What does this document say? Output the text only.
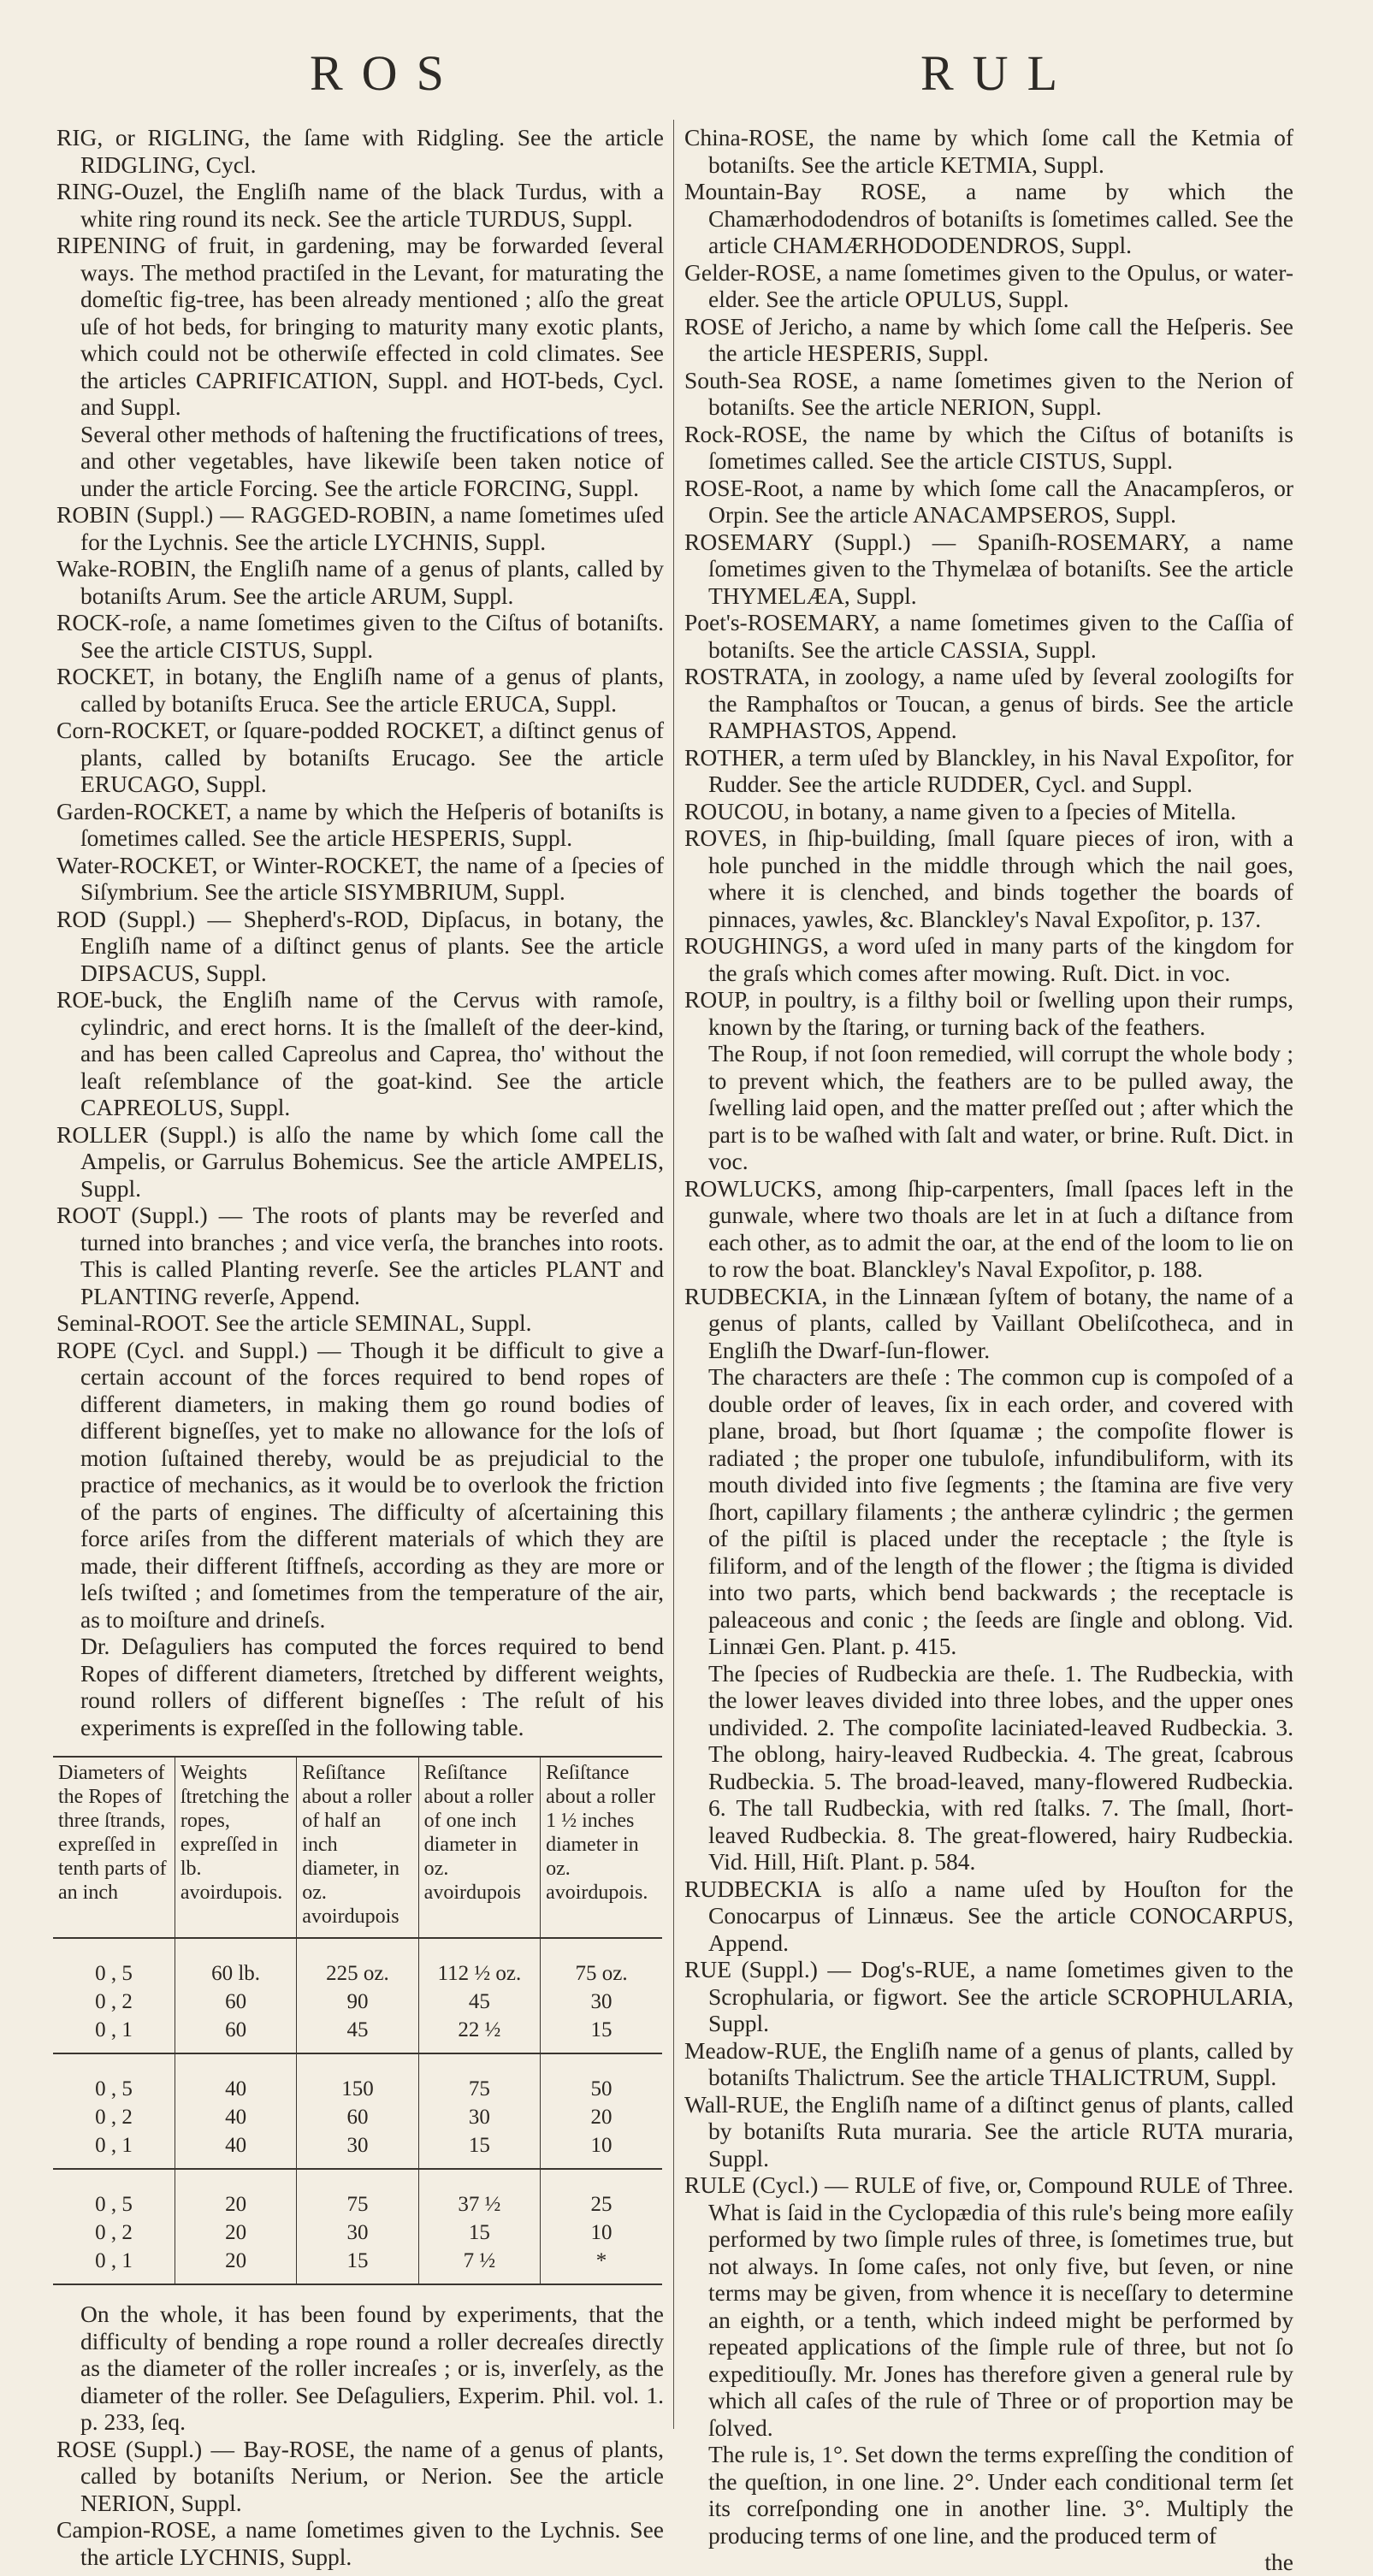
ROS	RUL

RIG, or RIGLING, the ſame with Ridgling. See the article RIDGLING, Cycl.

RING-Ouzel, the Engliſh name of the black Turdus, with a white ring round its neck. See the article TURDUS, Suppl.

RIPENING of fruit, in gardening, may be forwarded ſeveral ways. The method practiſed in the Levant, for maturating the domeſtic fig-tree, has been already mentioned ; alſo the great uſe of hot beds, for bringing to maturity many exotic plants, which could not be otherwiſe effected in cold climates. See the articles CAPRIFICATION, Suppl. and HOT-beds, Cycl. and Suppl.

Several other methods of haſtening the fructifications of trees, and other vegetables, have likewiſe been taken notice of under the article Forcing. See the article FORCING, Suppl.

ROBIN (Suppl.) — RAGGED-ROBIN, a name ſometimes uſed for the Lychnis. See the article LYCHNIS, Suppl.

Wake-ROBIN, the Engliſh name of a genus of plants, called by botaniſts Arum. See the article ARUM, Suppl.

ROCK-roſe, a name ſometimes given to the Ciſtus of botaniſts. See the article CISTUS, Suppl.

ROCKET, in botany, the Engliſh name of a genus of plants, called by botaniſts Eruca. See the article ERUCA, Suppl.

Corn-ROCKET, or ſquare-podded ROCKET, a diſtinct genus of plants, called by botaniſts Erucago. See the article ERUCAGO, Suppl.

Garden-ROCKET, a name by which the Heſperis of botaniſts is ſometimes called. See the article HESPERIS, Suppl.

Water-ROCKET, or Winter-ROCKET, the name of a ſpecies of Siſymbrium. See the article SISYMBRIUM, Suppl.

ROD (Suppl.) — Shepherd's-ROD, Dipſacus, in botany, the Engliſh name of a diſtinct genus of plants. See the article DIPSACUS, Suppl.

ROE-buck, the Engliſh name of the Cervus with ramoſe, cylindric, and erect horns. It is the ſmalleſt of the deer-kind, and has been called Capreolus and Caprea, tho' without the leaſt reſemblance of the goat-kind. See the article CAPREOLUS, Suppl.

ROLLER (Suppl.) is alſo the name by which ſome call the Ampelis, or Garrulus Bohemicus. See the article AMPELIS, Suppl.

ROOT (Suppl.) — The roots of plants may be reverſed and turned into branches ; and vice verſa, the branches into roots. This is called Planting reverſe. See the articles PLANT and PLANTING reverſe, Append.

Seminal-ROOT. See the article SEMINAL, Suppl.

ROPE (Cycl. and Suppl.) — Though it be difficult to give a certain account of the forces required to bend ropes of different diameters, in making them go round bodies of different bigneſſes, yet to make no allowance for the loſs of motion ſuſtained thereby, would be as prejudicial to the practice of mechanics, as it would be to overlook the friction of the parts of engines. The difficulty of aſcertaining this force ariſes from the different materials of which they are made, their different ſtiffneſs, according as they are more or leſs twiſted ; and ſometimes from the temperature of the air, as to moiſture and drineſs.

Dr. Deſaguliers has computed the forces required to bend Ropes of different diameters, ſtretched by different weights, round rollers of different bigneſſes : The reſult of his experiments is expreſſed in the following table.

Diameters of the Ropes of three ſtrands, expreſſed in tenth parts of an inch	Weights ſtretching the ropes, expreſſed in lb. avoirdupois.	Reſiſtance about a roller of half an inch diameter, in oz. avoirdupois	Reſiſtance about a roller of one inch diameter in oz. avoirdupois	Reſiſtance about a roller 1 ½ inches diameter in oz. avoirdupois.
0 , 5	60 lb.	225 oz.	112 ½ oz.	75 oz.
0 , 2	60	90	45	30
0 , 1	60	45	22 ½	15
0 , 5	40	150	75	50
0 , 2	40	60	30	20
0 , 1	40	30	15	10
0 , 5	20	75	37 ½	25
0 , 2	20	30	15	10
0 , 1	20	15	7 ½	*

On the whole, it has been found by experiments, that the difficulty of bending a rope round a roller decreaſes directly as the diameter of the roller increaſes ; or is, inverſely, as the diameter of the roller. See Deſaguliers, Experim. Phil. vol. 1. p. 233, ſeq.

ROSE (Suppl.) — Bay-ROSE, the name of a genus of plants, called by botaniſts Nerium, or Nerion. See the article NERION, Suppl.

Campion-ROSE, a name ſometimes given to the Lychnis. See the article LYCHNIS, Suppl.

China-ROSE, the name by which ſome call the Ketmia of botaniſts. See the article KETMIA, Suppl.

Mountain-Bay ROSE, a name by which the Chamærhododendros of botaniſts is ſometimes called. See the article CHAMÆRHODODENDROS, Suppl.

Gelder-ROSE, a name ſometimes given to the Opulus, or water-elder. See the article OPULUS, Suppl.

ROSE of Jericho, a name by which ſome call the Heſperis. See the article HESPERIS, Suppl.

South-Sea ROSE, a name ſometimes given to the Nerion of botaniſts. See the article NERION, Suppl.

Rock-ROSE, the name by which the Ciſtus of botaniſts is ſometimes called. See the article CISTUS, Suppl.

ROSE-Root, a name by which ſome call the Anacampſeros, or Orpin. See the article ANACAMPSEROS, Suppl.

ROSEMARY (Suppl.) — Spaniſh-ROSEMARY, a name ſometimes given to the Thymelæa of botaniſts. See the article THYMELÆA, Suppl.

Poet's-ROSEMARY, a name ſometimes given to the Caſſia of botaniſts. See the article CASSIA, Suppl.

ROSTRATA, in zoology, a name uſed by ſeveral zoologiſts for the Ramphaſtos or Toucan, a genus of birds. See the article RAMPHASTOS, Append.

ROTHER, a term uſed by Blanckley, in his Naval Expoſitor, for Rudder. See the article RUDDER, Cycl. and Suppl.

ROUCOU, in botany, a name given to a ſpecies of Mitella.

ROVES, in ſhip-building, ſmall ſquare pieces of iron, with a hole punched in the middle through which the nail goes, where it is clenched, and binds together the boards of pinnaces, yawles, &c. Blanckley's Naval Expoſitor, p. 137.

ROUGHINGS, a word uſed in many parts of the kingdom for the graſs which comes after mowing. Ruſt. Dict. in voc.

ROUP, in poultry, is a filthy boil or ſwelling upon their rumps, known by the ſtaring, or turning back of the feathers.

The Roup, if not ſoon remedied, will corrupt the whole body ; to prevent which, the feathers are to be pulled away, the ſwelling laid open, and the matter preſſed out ; after which the part is to be waſhed with ſalt and water, or brine. Ruſt. Dict. in voc.

ROWLUCKS, among ſhip-carpenters, ſmall ſpaces left in the gunwale, where two thoals are let in at ſuch a diſtance from each other, as to admit the oar, at the end of the loom to lie on to row the boat. Blanckley's Naval Expoſitor, p. 188.

RUDBECKIA, in the Linnæan ſyſtem of botany, the name of a genus of plants, called by Vaillant Obeliſcotheca, and in Engliſh the Dwarf-ſun-flower.

The characters are theſe : The common cup is compoſed of a double order of leaves, ſix in each order, and covered with plane, broad, but ſhort ſquamæ ; the compoſite flower is radiated ; the proper one tubuloſe, infundibuliform, with its mouth divided into five ſegments ; the ſtamina are five very ſhort, capillary filaments ; the antheræ cylindric ; the germen of the piſtil is placed under the receptacle ; the ſtyle is filiform, and of the length of the flower ; the ſtigma is divided into two parts, which bend backwards ; the receptacle is paleaceous and conic ; the ſeeds are ſingle and oblong. Vid. Linnæi Gen. Plant. p. 415.

The ſpecies of Rudbeckia are theſe. 1. The Rudbeckia, with the lower leaves divided into three lobes, and the upper ones undivided. 2. The compoſite laciniated-leaved Rudbeckia. 3. The oblong, hairy-leaved Rudbeckia. 4. The great, ſcabrous Rudbeckia. 5. The broad-leaved, many-flowered Rudbeckia. 6. The tall Rudbeckia, with red ſtalks. 7. The ſmall, ſhort-leaved Rudbeckia. 8. The great-flowered, hairy Rudbeckia. Vid. Hill, Hiſt. Plant. p. 584.

RUDBECKIA is alſo a name uſed by Houſton for the Conocarpus of Linnæus. See the article CONOCARPUS, Append.

RUE (Suppl.) — Dog's-RUE, a name ſometimes given to the Scrophularia, or figwort. See the article SCROPHULARIA, Suppl.

Meadow-RUE, the Engliſh name of a genus of plants, called by botaniſts Thalictrum. See the article THALICTRUM, Suppl.

Wall-RUE, the Engliſh name of a diſtinct genus of plants, called by botaniſts Ruta muraria. See the article RUTA muraria, Suppl.

RULE (Cycl.) — RULE of five, or, Compound RULE of Three. What is ſaid in the Cyclopædia of this rule's being more eaſily performed by two ſimple rules of three, is ſometimes true, but not always. In ſome caſes, not only five, but ſeven, or nine terms may be given, from whence it is neceſſary to determine an eighth, or a tenth, which indeed might be performed by repeated applications of the ſimple rule of three, but not ſo expeditiouſly. Mr. Jones has therefore given a general rule by which all caſes of the rule of Three or of proportion may be ſolved.

The rule is, 1°. Set down the terms expreſſing the condition of the queſtion, in one line. 2°. Under each conditional term ſet its correſponding one in another line. 3°. Multiply the producing terms of one line, and the produced term of

the
